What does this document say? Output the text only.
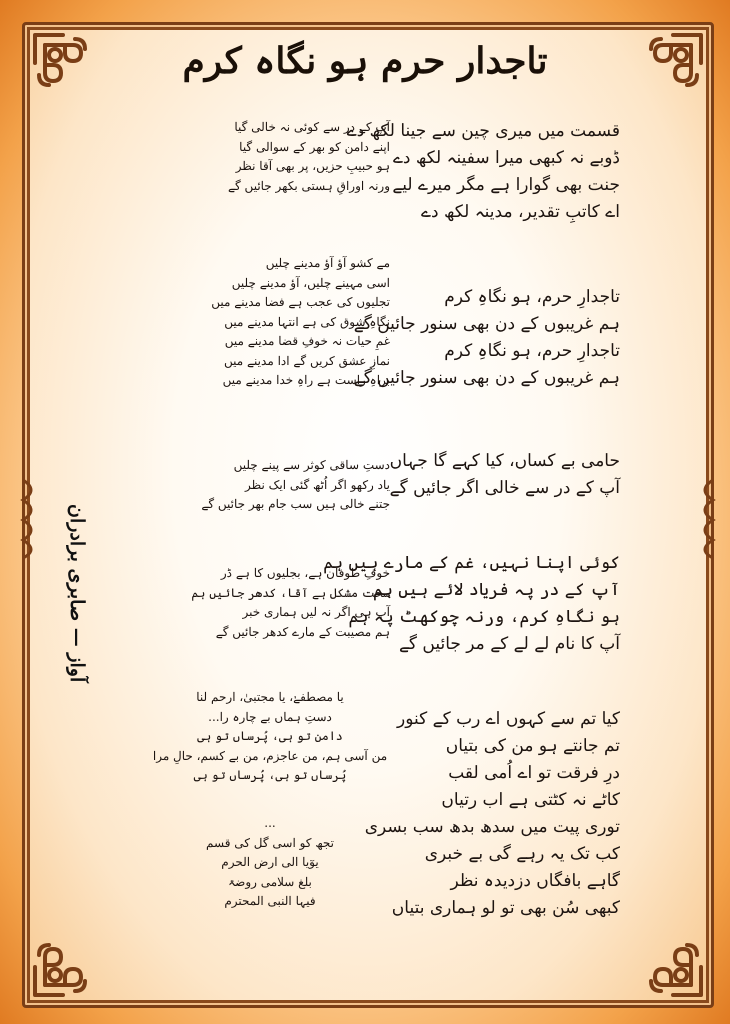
تاجدار حرم ہو نگاہ کرم
آواز — صابری برادران
قسمت میں میری چین سے جینا لکھ دے
ڈوبے نہ کبھی میرا سفینہ لکھ دے
جنت بھی گوارا ہے مگر میرے لیے
اے کاتبِ تقدیر، مدینہ لکھ دے
تاجدارِ حرم، ہو نگاہِ کرم
ہم غریبوں کے دن بھی سنور جائیں گے
تاجدارِ حرم، ہو نگاہِ کرم
ہم غریبوں کے دن بھی سنور جائیں گے
حامی بے کساں، کیا کہے گا جہاں
آپ کے در سے خالی اگر جائیں گے
کوئی اپنا نہیں، غم کے مارے ہیں ہم
آپ کے در پہ فریاد لائے ہیں ہم
ہو نگاہِ کرم، ورنہ چوکھٹ پہ ہم
آپ کا نام لے لے کے مر جائیں گے
کیا تم سے کہوں اے رب کے کنور
تم جانتے ہو من کی بتیاں
درِ فرقت تو اے اُمی لقب
کاٹے نہ کٹتی ہے اب رتیاں
توری پیت میں سدھ بدھ سب بسری
کب تک یہ رہے گی بے خبری
گاہے بافگاں دزدیدہ نظر
کبھی سُن بھی تو لو ہماری بتیاں
آپ کے در سے کوئی نہ خالی گیا
اپنے دامن کو بھر کے سوالی گیا
ہو حبیبِ حزیں، پر بھی آقا نظر
ورنہ اوراقِ ہستی بکھر جائیں گے
مے کشو آؤ آؤ مدینے چلیں
اسی مہینے چلیں، آؤ مدینے چلیں
تجلیوں کی عجب ہے فضا مدینے میں
نگاہِ شوق کی ہے انتہا مدینے میں
غمِ حیات نہ خوفِ قضا مدینے میں
نمازِ عشق کریں گے ادا مدینے میں
براہِ راست ہے راہِ خدا مدینے میں
دستِ ساقی کوثر سے پینے چلیں
یاد رکھو اگر اُٹھ گئی ایک نظر
جتنے خالی ہیں سب جام بھر جائیں گے
خوفِ طوفان ہے، بجلیوں کا ہے ڈر
سخت مشکل ہے آقا، کدھر جائیں ہم
آپ ہی اگر نہ لیں ہماری خبر
ہم مصیبت کے مارے کدھر جائیں گے
یا مصطفےٰ، یا مجتبیٰ، ارحم لنا
دستِ ہماں بے چارہ را...
دامن تو ہی، پُرساں تو ہی
من آسی ہم، من عاجزم، من بے کسم، حالِ مرا
پُرساں تو ہی، پُرساں تو ہی
...
تجھ کو اسی گل کی قسم
یوٓیا الی ارض الحرم
بلغ سلامی روضۃ
فیہا النبی المحترم
